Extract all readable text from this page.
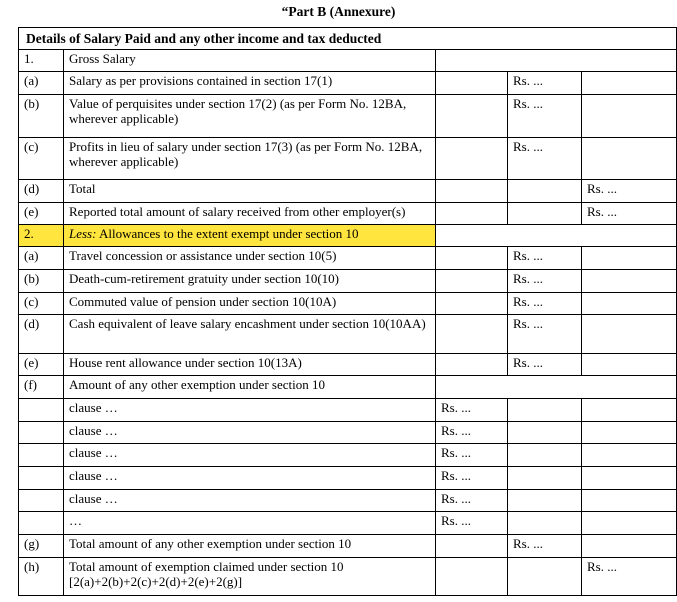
“Part B (Annexure)
Details of Salary Paid and any other income and tax deducted				
1.	Gross Salary			
(a)	Salary as per provisions contained in section 17(1)		Rs. ...	
(b)	Value of perquisites under section 17(2) (as per Form No. 12BA, wherever applicable)		Rs. ...	
(c)	Profits in lieu of salary under section 17(3) (as per Form No. 12BA, wherever applicable)		Rs. ...	
(d)	Total			Rs. ...
(e)	Reported total amount of salary received from other employer(s)			Rs. ...
2.	Less: Allowances to the extent exempt under section 10			
(a)	Travel concession or assistance under section 10(5)		Rs. ...	
(b)	Death-cum-retirement gratuity under section 10(10)		Rs. ...	
(c)	Commuted value of pension under section 10(10A)		Rs. ...	
(d)	Cash equivalent of leave salary encashment under section 10(10AA)		Rs. ...	
(e)	House rent allowance under section 10(13A)		Rs. ...	
(f)	Amount of any other exemption under section 10			
	clause …	Rs. ...		
	clause …	Rs. ...		
	clause …	Rs. ...		
	clause …	Rs. ...		
	clause …	Rs. ...		
	…	Rs. ...		
(g)	Total amount of any other exemption under section 10		Rs. ...	
(h)	Total amount of exemption claimed under section 10 [2(a)+2(b)+2(c)+2(d)+2(e)+2(g)]			Rs. ...
